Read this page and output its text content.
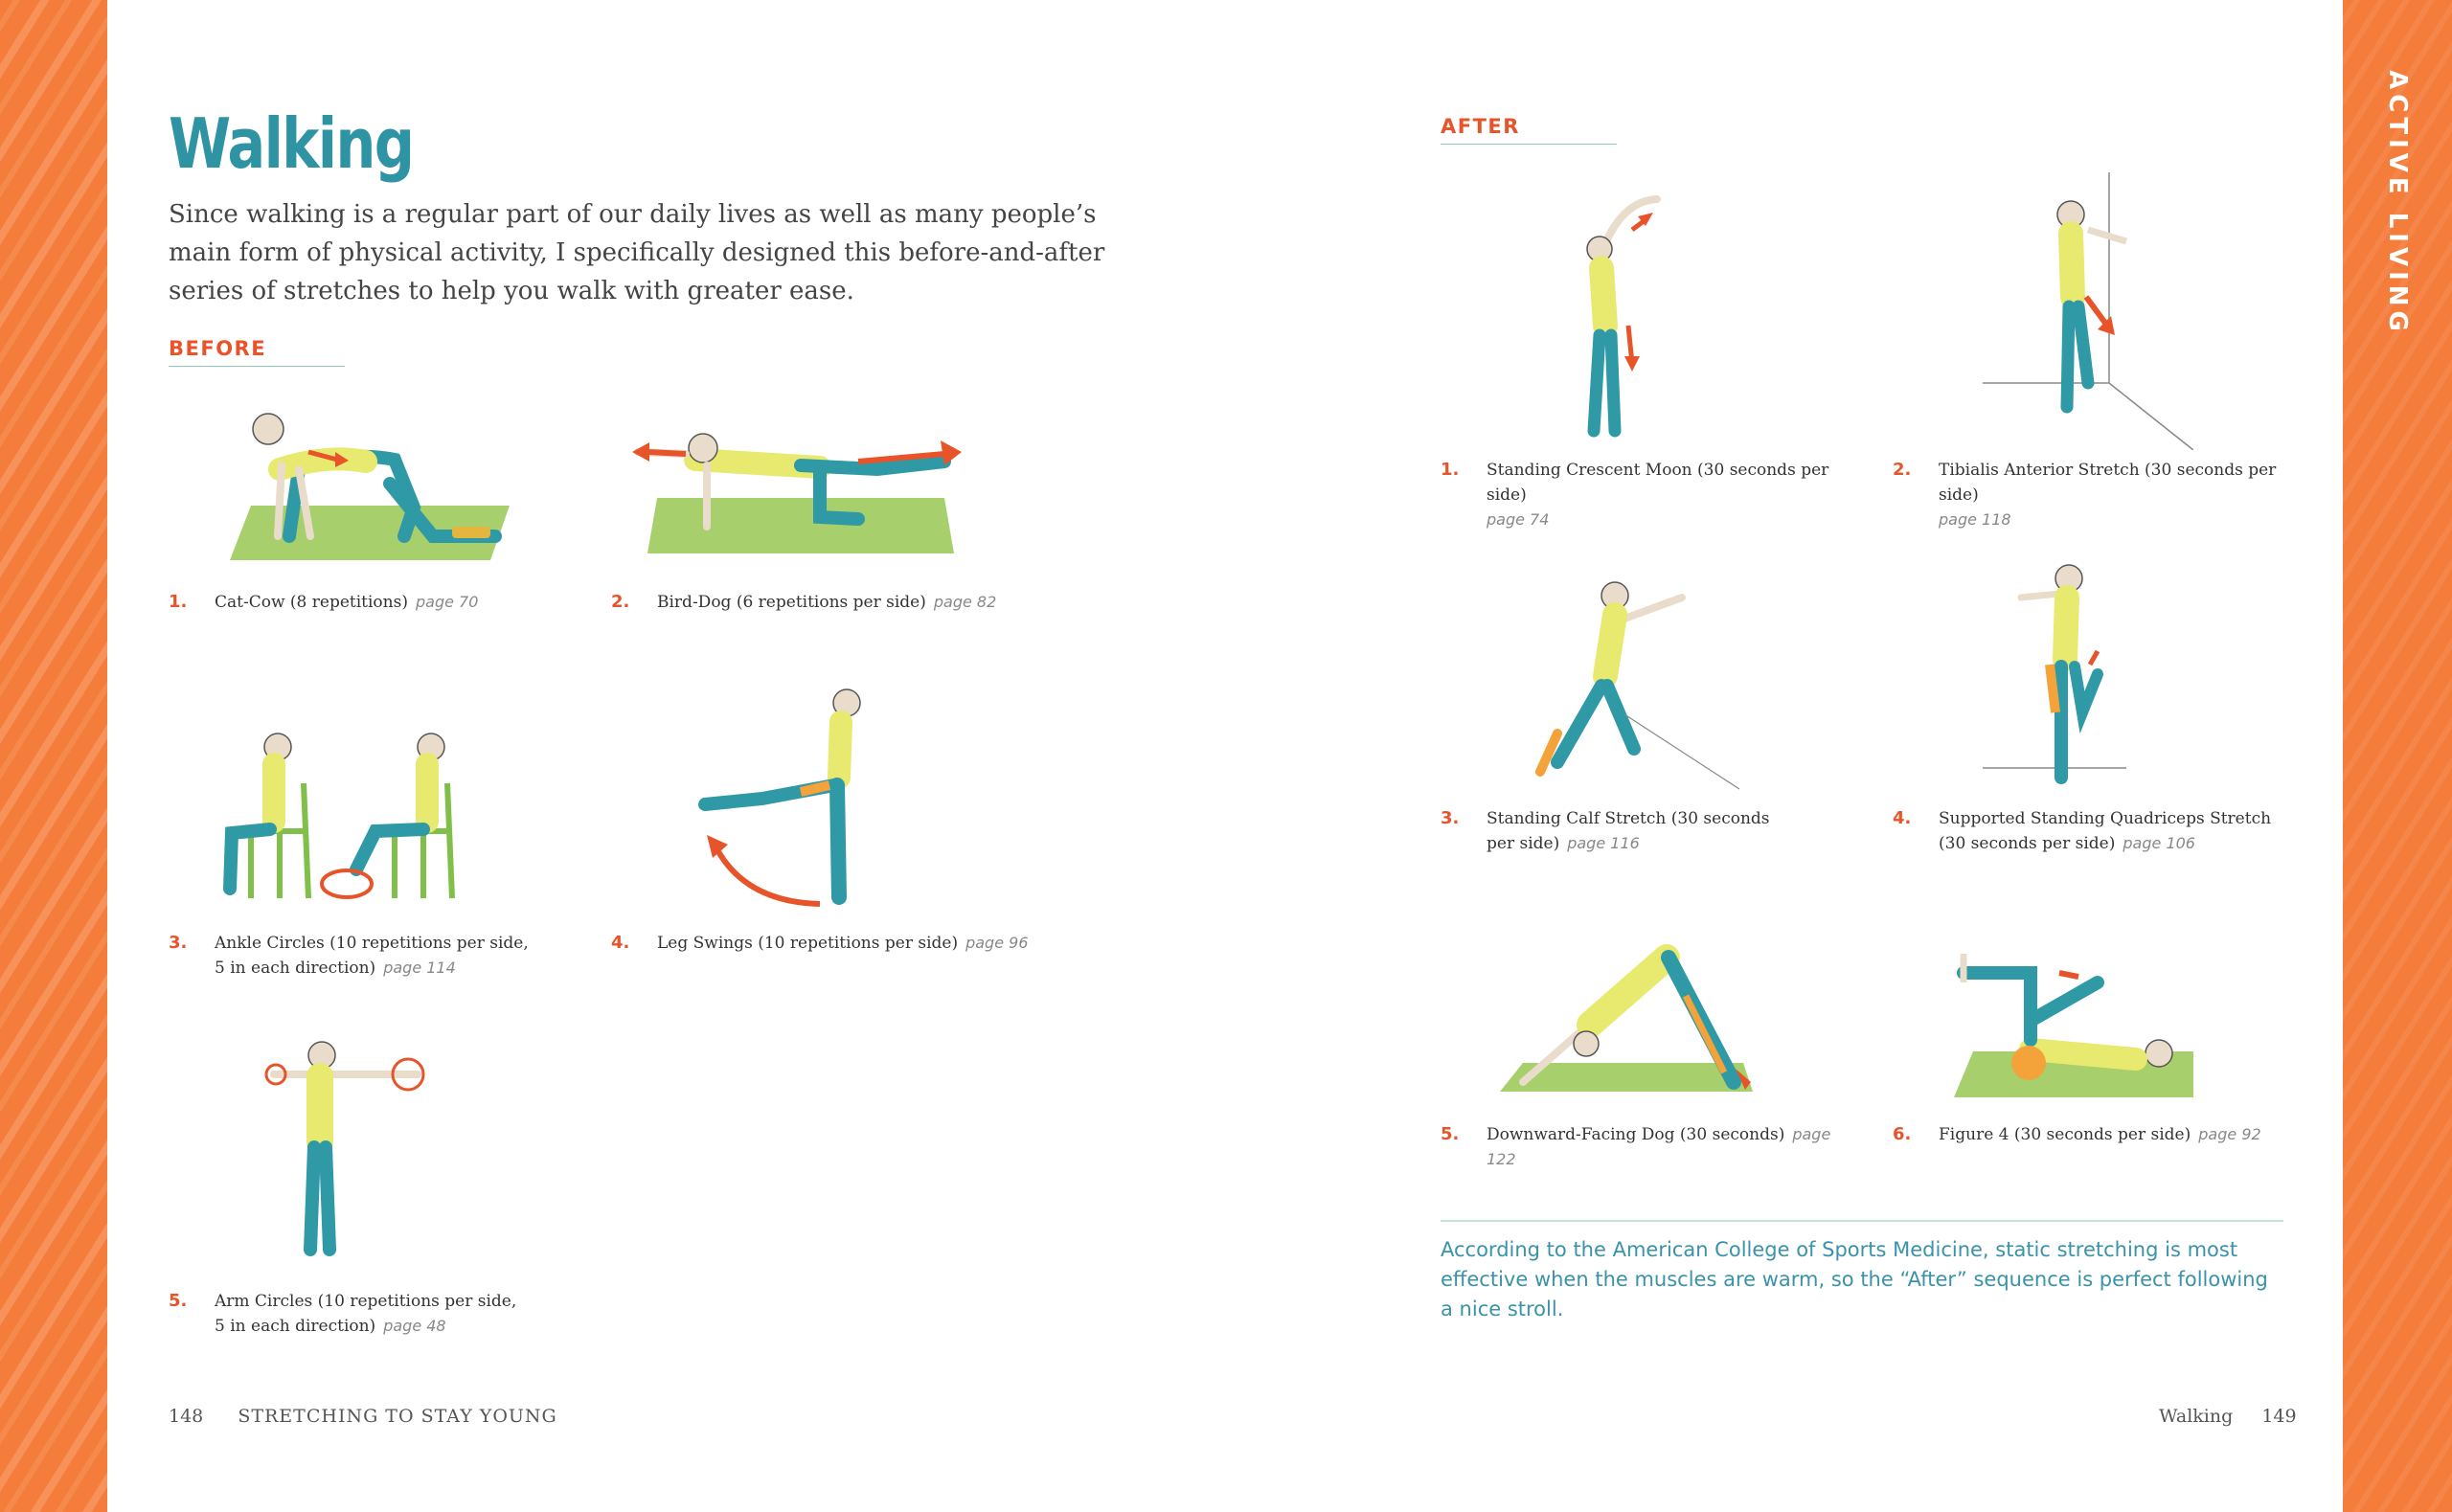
ACTIVE LIVING
Walking
Since walking is a regular part of our daily lives as well as many people’s main form of physical activity, I specifically designed this before-and-after series of stretches to help you walk with greater ease.
BEFORE
1. Cat-Cow (8 repetitions) page 70	2. Bird-Dog (6 repetitions per side) page 82
3. Ankle Circles (10 repetitions per side,
5 in each direction) page 114
4. Leg Swings (10 repetitions per side) page 96
5. Arm Circles (10 repetitions per side,
5 in each direction) page 48
AFTER
1. Standing Crescent Moon (30 seconds per side)
page 74
2. Tibialis Anterior Stretch (30 seconds per side)
page 118
3. Standing Calf Stretch (30 seconds
per side) page 116
4. Supported Standing Quadriceps Stretch
(30 seconds per side) page 106
5. Downward-Facing Dog (30 seconds) page 122
6. Figure 4 (30 seconds per side) page 92
According to the American College of Sports Medicine, static stretching is most effective when the muscles are warm, so the “After” sequence is perfect following a nice stroll.
148 STRETCHING TO STAY YOUNG	Walking 149
